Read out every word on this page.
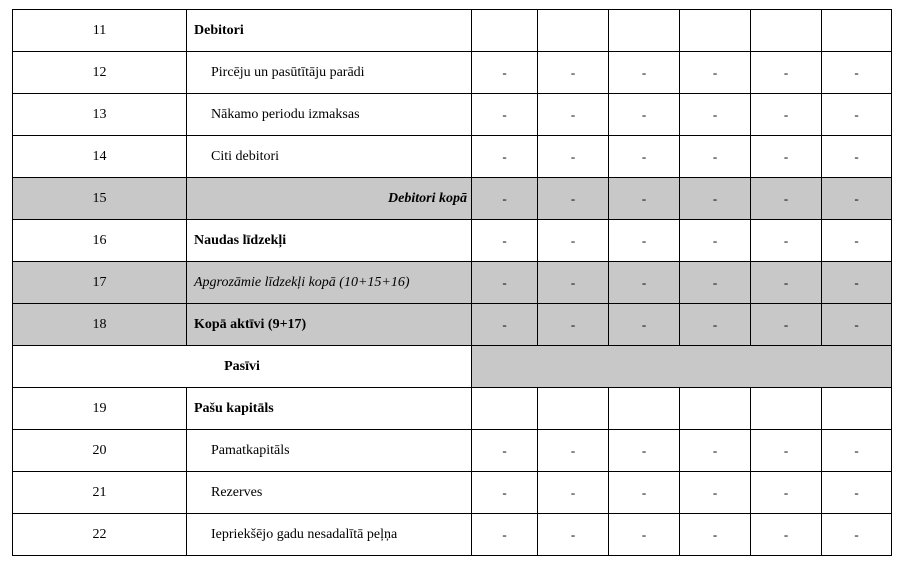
11	Debitori						
12	Pircēju un pasūtītāju parādi	-	-	-	-	-	-
13	Nākamo periodu izmaksas	-	-	-	-	-	-
14	Citi debitori	-	-	-	-	-	-
15	Debitori kopā	-	-	-	-	-	-
16	Naudas līdzekļi	-	-	-	-	-	-
17	Apgrozāmie līdzekļi kopā (10+15+16)	-	-	-	-	-	-
18	Kopā aktīvi (9+17)	-	-	-	-	-	-
Pasīvi							
19	Pašu kapitāls						
20	Pamatkapitāls	-	-	-	-	-	-
21	Rezerves	-	-	-	-	-	-
22	Iepriekšējo gadu nesadalītā peļņa	-	-	-	-	-	-
